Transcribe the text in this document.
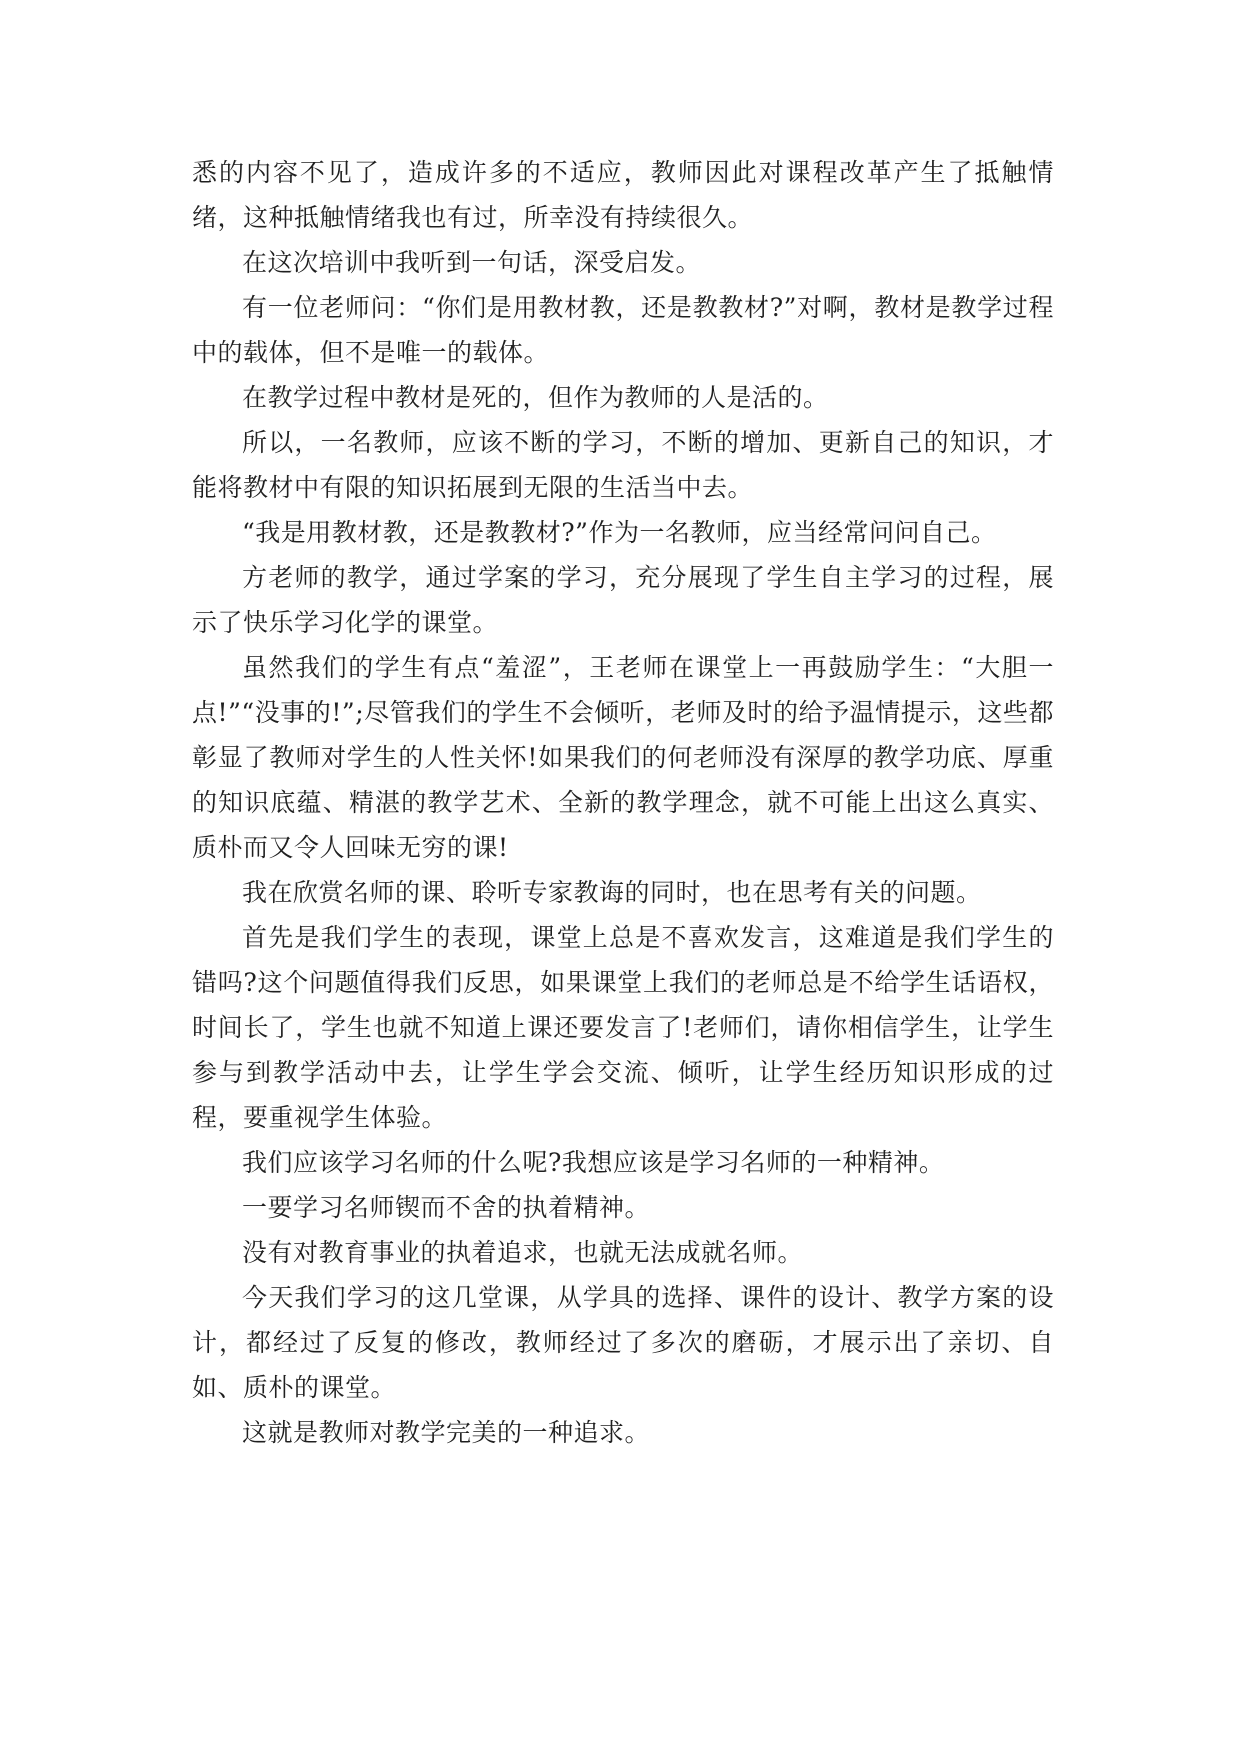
悉的内容不见了，造成许多的不适应，教师因此对课程改革产生了抵触情绪，这种抵触情绪我也有过，所幸没有持续很久。

在这次培训中我听到一句话，深受启发。

有一位老师问：“你们是用教材教，还是教教材?”对啊，教材是教学过程中的载体，但不是唯一的载体。

在教学过程中教材是死的，但作为教师的人是活的。

所以，一名教师，应该不断的学习，不断的增加、更新自己的知识，才能将教材中有限的知识拓展到无限的生活当中去。

“我是用教材教，还是教教材?”作为一名教师，应当经常问问自己。

方老师的教学，通过学案的学习，充分展现了学生自主学习的过程，展示了快乐学习化学的课堂。

虽然我们的学生有点“羞涩”，王老师在课堂上一再鼓励学生：“大胆一点!”“没事的!”;尽管我们的学生不会倾听，老师及时的给予温情提示，这些都彰显了教师对学生的人性关怀!如果我们的何老师没有深厚的教学功底、厚重的知识底蕴、精湛的教学艺术、全新的教学理念，就不可能上出这么真实、质朴而又令人回味无穷的课!

我在欣赏名师的课、聆听专家教诲的同时，也在思考有关的问题。

首先是我们学生的表现，课堂上总是不喜欢发言，这难道是我们学生的错吗?这个问题值得我们反思，如果课堂上我们的老师总是不给学生话语权，时间长了，学生也就不知道上课还要发言了!老师们，请你相信学生，让学生参与到教学活动中去，让学生学会交流、倾听，让学生经历知识形成的过程，要重视学生体验。

我们应该学习名师的什么呢?我想应该是学习名师的一种精神。

一要学习名师锲而不舍的执着精神。

没有对教育事业的执着追求，也就无法成就名师。

今天我们学习的这几堂课，从学具的选择、课件的设计、教学方案的设计，都经过了反复的修改，教师经过了多次的磨砺，才展示出了亲切、自如、质朴的课堂。

这就是教师对教学完美的一种追求。
